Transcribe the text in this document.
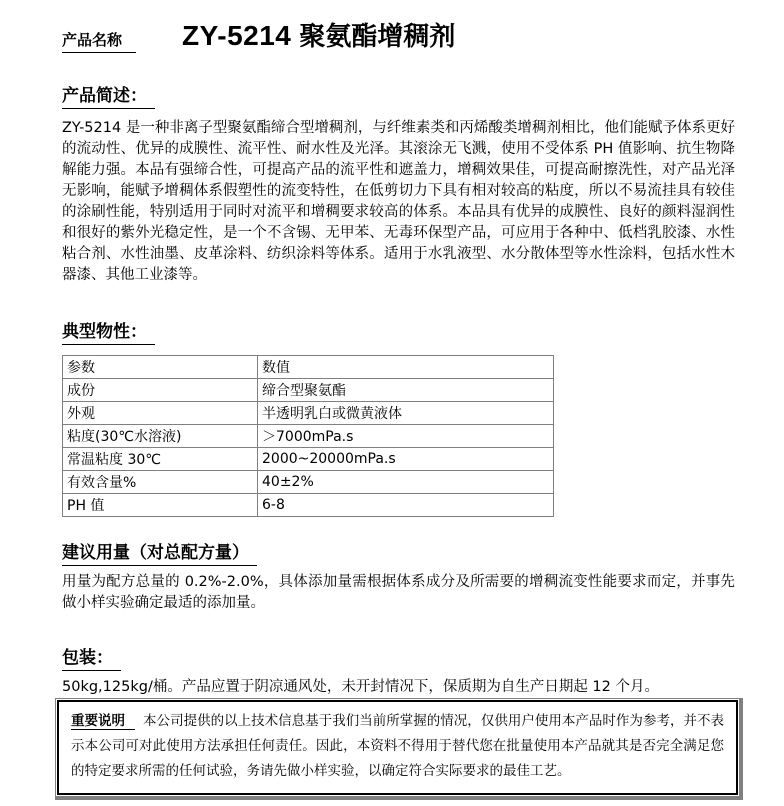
产品名称	ZY-5214 聚氨酯增稠剂
产品简述：

ZY-5214 是一种非离子型聚氨酯缔合型增稠剂，与纤维素类和丙烯酸类增稠剂相比，他们能赋予体系更好的流动性、优异的成膜性、流平性、耐水性及光泽。其滚涂无飞溅，使用不受体系 PH 值影响、抗生物降解能力强。本品有强缔合性，可提高产品的流平性和遮盖力，增稠效果佳，可提高耐擦洗性，对产品光泽无影响，能赋予增稠体系假塑性的流变特性，在低剪切力下具有相对较高的粘度，所以不易流挂具有较佳的涂刷性能，特别适用于同时对流平和增稠要求较高的体系。本品具有优异的成膜性、良好的颜料湿润性和很好的紫外光稳定性，是一个不含锡、无甲苯、无毒环保型产品，可应用于各种中、低档乳胶漆、水性粘合剂、水性油墨、皮革涂料、纺织涂料等体系。适用于水乳液型、水分散体型等水性涂料，包括水性木器漆、其他工业漆等。

典型物性：
参数	数值
成份	缔合型聚氨酯
外观	半透明乳白或微黄液体
粘度(30℃水溶液)	＞7000mPa.s
常温粘度 30℃	2000~20000mPa.s
有效含量%	40±2%
PH 值	6-8
建议用量（对总配方量）

用量为配方总量的 0.2%-2.0%，具体添加量需根据体系成分及所需要的增稠流变性能要求而定，并事先做小样实验确定最适的添加量。

包装：

50kg,125kg/桶。产品应置于阴凉通风处，未开封情况下，保质期为自生产日期起 12 个月。

重要说明 本公司提供的以上技术信息基于我们当前所掌握的情况，仅供用户使用本产品时作为参考，并不表示本公司可对此使用方法承担任何责任。因此，本资料不得用于替代您在批量使用本产品就其是否完全满足您的特定要求所需的任何试验，务请先做小样实验，以确定符合实际要求的最佳工艺。
